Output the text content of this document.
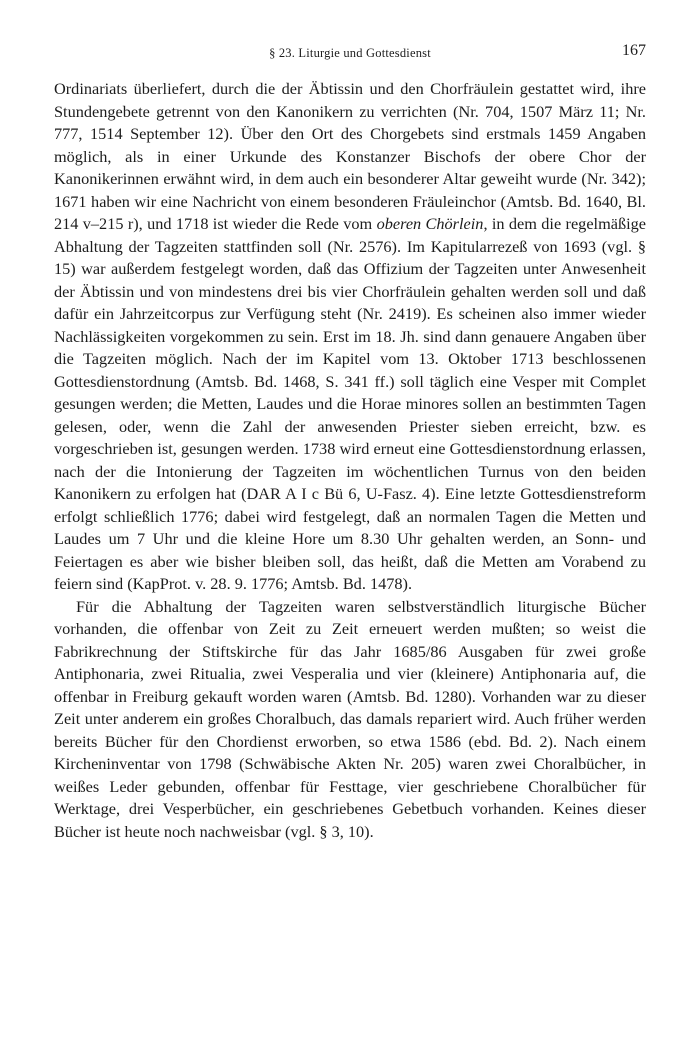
§ 23. Liturgie und Gottesdienst	167

Ordinariats überliefert, durch die der Äbtissin und den Chorfräulein gestattet wird, ihre Stundengebete getrennt von den Kanonikern zu verrichten (Nr. 704, 1507 März 11; Nr. 777, 1514 September 12). Über den Ort des Chorgebets sind erstmals 1459 Angaben möglich, als in einer Urkunde des Konstanzer Bischofs der obere Chor der Kanonikerinnen erwähnt wird, in dem auch ein besonderer Altar geweiht wurde (Nr. 342); 1671 haben wir eine Nachricht von einem besonderen Fräuleinchor (Amtsb. Bd. 1640, Bl. 214 v–215 r), und 1718 ist wieder die Rede vom oberen Chörlein, in dem die regelmäßige Abhaltung der Tagzeiten stattfinden soll (Nr. 2576). Im Kapitularrezeß von 1693 (vgl. § 15) war außerdem festgelegt worden, daß das Offizium der Tagzeiten unter Anwesenheit der Äbtissin und von mindestens drei bis vier Chorfräulein gehalten werden soll und daß dafür ein Jahrzeitcorpus zur Verfügung steht (Nr. 2419). Es scheinen also immer wieder Nachlässigkeiten vorgekommen zu sein. Erst im 18. Jh. sind dann genauere Angaben über die Tagzeiten möglich. Nach der im Kapitel vom 13. Oktober 1713 beschlossenen Gottesdienstordnung (Amtsb. Bd. 1468, S. 341 ff.) soll täglich eine Vesper mit Complet gesungen werden; die Metten, Laudes und die Horae minores sollen an bestimmten Tagen gelesen, oder, wenn die Zahl der anwesenden Priester sieben erreicht, bzw. es vorgeschrieben ist, gesungen werden. 1738 wird erneut eine Gottesdienstordnung erlassen, nach der die Intonierung der Tagzeiten im wöchentlichen Turnus von den beiden Kanonikern zu erfolgen hat (DAR A I c Bü 6, U-Fasz. 4). Eine letzte Gottesdienstreform erfolgt schließlich 1776; dabei wird festgelegt, daß an normalen Tagen die Metten und Laudes um 7 Uhr und die kleine Hore um 8.30 Uhr gehalten werden, an Sonn- und Feiertagen es aber wie bisher bleiben soll, das heißt, daß die Metten am Vorabend zu feiern sind (KapProt. v. 28. 9. 1776; Amtsb. Bd. 1478).

Für die Abhaltung der Tagzeiten waren selbstverständlich liturgische Bücher vorhanden, die offenbar von Zeit zu Zeit erneuert werden mußten; so weist die Fabrikrechnung der Stiftskirche für das Jahr 1685/86 Ausgaben für zwei große Antiphonaria, zwei Ritualia, zwei Vesperalia und vier (kleinere) Antiphonaria auf, die offenbar in Freiburg gekauft worden waren (Amtsb. Bd. 1280). Vorhanden war zu dieser Zeit unter anderem ein großes Choralbuch, das damals repariert wird. Auch früher werden bereits Bücher für den Chordienst erworben, so etwa 1586 (ebd. Bd. 2). Nach einem Kircheninventar von 1798 (Schwäbische Akten Nr. 205) waren zwei Choralbücher, in weißes Leder gebunden, offenbar für Festtage, vier geschriebene Choralbücher für Werktage, drei Vesperbücher, ein geschriebenes Gebetbuch vorhanden. Keines dieser Bücher ist heute noch nachweisbar (vgl. § 3, 10).
